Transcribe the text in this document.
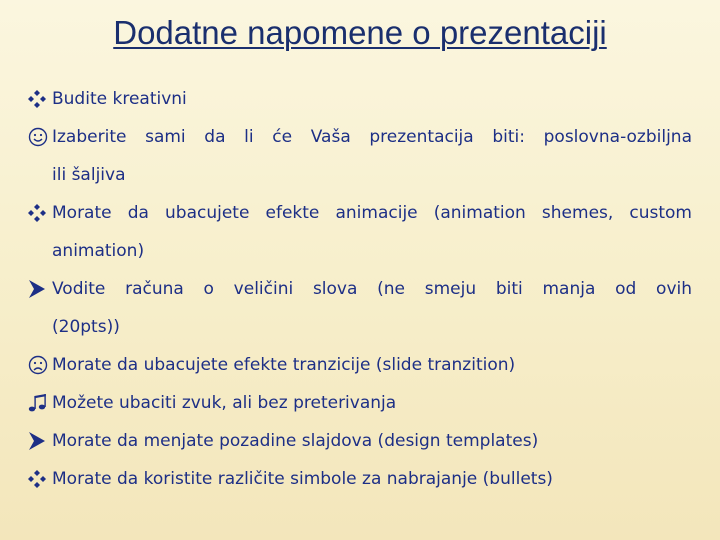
Dodatne napomene o prezentaciji
Budite kreativni
Izaberite sami da li će Vaša prezentacija biti: poslovna-ozbiljna
ili šaljiva
Morate da ubacujete efekte animacije (animation shemes, custom
animation)
Vodite računa o veličini slova (ne smeju biti manja od ovih
(20pts))
Morate da ubacujete efekte tranzicije (slide tranzition)
Možete ubaciti zvuk, ali bez preterivanja
Morate da menjate pozadine slajdova (design templates)
Morate da koristite različite simbole za nabrajanje (bullets)
